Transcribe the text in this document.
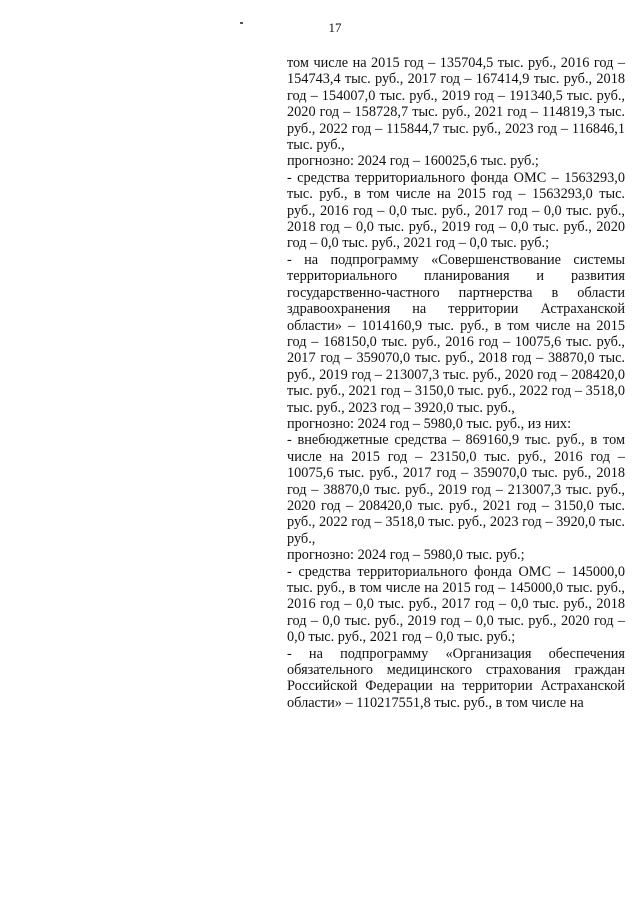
17

том числе на 2015 год – 135704,5 тыс. руб., 2016 год – 154743,4 тыс. руб., 2017 год – 167414,9 тыс. руб., 2018 год – 154007,0 тыс. руб., 2019 год – 191340,5 тыс. руб., 2020 год – 158728,7 тыс. руб., 2021 год – 114819,3 тыс. руб., 2022 год – 115844,7 тыс. руб., 2023 год – 116846,1 тыс. руб.,

прогнозно: 2024 год – 160025,6 тыс. руб.;

- средства территориального фонда ОМС – 1563293,0 тыс. руб., в том числе на 2015 год – 1563293,0 тыс. руб., 2016 год – 0,0 тыс. руб., 2017 год – 0,0 тыс. руб., 2018 год – 0,0 тыс. руб., 2019 год – 0,0 тыс. руб., 2020 год – 0,0 тыс. руб., 2021 год – 0,0 тыс. руб.;

- на подпрограмму «Совершенствование системы территориального планирования и развития государственно-частного партнерства в области здравоохранения на территории Астраханской области» – 1014160,9 тыс. руб., в том числе на 2015 год – 168150,0 тыс. руб., 2016 год – 10075,6 тыс. руб., 2017 год – 359070,0 тыс. руб., 2018 год – 38870,0 тыс. руб., 2019 год – 213007,3 тыс. руб., 2020 год – 208420,0 тыс. руб., 2021 год – 3150,0 тыс. руб., 2022 год – 3518,0 тыс. руб., 2023 год – 3920,0 тыс. руб.,

прогнозно: 2024 год – 5980,0 тыс. руб., из них:

- внебюджетные средства – 869160,9 тыс. руб., в том числе на 2015 год – 23150,0 тыс. руб., 2016 год – 10075,6 тыс. руб., 2017 год – 359070,0 тыс. руб., 2018 год – 38870,0 тыс. руб., 2019 год – 213007,3 тыс. руб., 2020 год – 208420,0 тыс. руб., 2021 год – 3150,0 тыс. руб., 2022 год – 3518,0 тыс. руб., 2023 год – 3920,0 тыс. руб.,

прогнозно: 2024 год – 5980,0 тыс. руб.;

- средства территориального фонда ОМС – 145000,0 тыс. руб., в том числе на 2015 год – 145000,0 тыс. руб., 2016 год – 0,0 тыс. руб., 2017 год – 0,0 тыс. руб., 2018 год – 0,0 тыс. руб., 2019 год – 0,0 тыс. руб., 2020 год – 0,0 тыс. руб., 2021 год – 0,0 тыс. руб.;

- на подпрограмму «Организация обеспечения обязательного медицинского страхования граждан Российской Федерации на территории Астраханской области» – 110217551,8 тыс. руб., в том числе на
